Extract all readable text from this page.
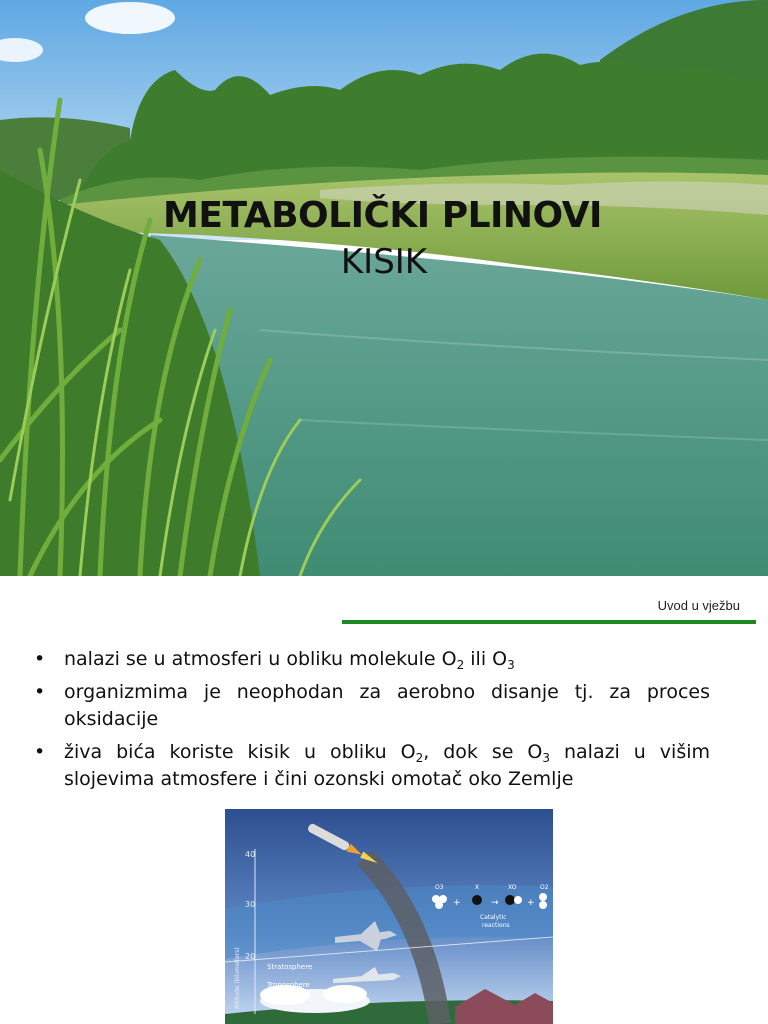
METABOLIČKI PLINOVI
KISIK
Uvod u vježbu
• nalazi se u atmosferi u obliku molekule $O_2$ ili $O_3$
• organizmima je neophodan za aerobno disanje tj. za proces oksidacije
• živa bića koriste kisik u obliku $O_2$, dok se $O_3$ nalazi u višim slojevima atmosfere i čini ozonski omotač oko Zemlje
40
30
20
Altitude (kilometers)	Stratosphere
Troposphere
O3	X	XO	O2
Catalytic
reactions
+	→	+
